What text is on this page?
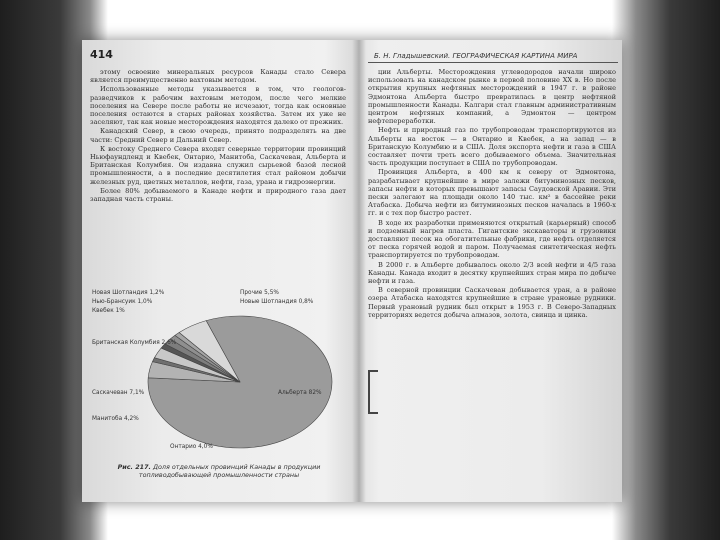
414	Б. Н. Гладышевский. ГЕОГРАФИЧЕСКАЯ КАРТИНА МИРА

этому освоение минеральных ресурсов Канады стало Севера является преимущественно вахтовым методом.

Использованные методы указывается в том, что геологов-разведчиков к рабочим вахтовым методом, после чего мелкие поселения на Севере после работы не исчезают, тогда как основные поселения остаются в старых районах хозяйства. Затем их уже не заселяют, так как новые месторождения находятся далеко от прежних.

Канадский Север, в свою очередь, принято подразделять на две части: Средний Север и Дальний Север.

К востоку Среднего Севера входят северные территории провинций Ньюфаундленд и Квебек, Онтарио, Манитоба, Саскачеван, Альберта и Британская Колумбия. Он издавна служил сырьевой базой лесной промышленности, а в последние десятилетия стал районом добычи железных руд, цветных металлов, нефти, газа, урана и гидроэнергии.

Более 80% добываемого в Канаде нефти и природного газа дает западная часть страны.

Новая Шотландия 1,2%
Нью-Брансуик 1,0%
Прочие 5,5%
Новые Шотландия 0,8%
Квебек 1%
Британская Колумбия 2,6%
Саскачеван 7,1%
Манитоба 4,2%
Онтарио 4,0%
Альберта 82%
Рис. 217. Доля отдельных провинций Канады в продукции топливодобывающей промышленности страны

ции Альберты. Месторождения углеводородов начали широко использовать на канадском рынке в первой половине XX в. Но после открытия крупных нефтяных месторождений в 1947 г. в районе Эдмонтона Альберта быстро превратилась в центр нефтяной промышленности Канады. Калгари стал главным административным центром нефтяных компаний, а Эдмонтон — центром нефтепереработки.

Нефть и природный газ по трубопроводам транспортируются из Альберты на восток — в Онтарио и Квебек, а на запад — в Британскую Колумбию и в США. Доля экспорта нефти и газа в США составляет почти треть всего добываемого объема. Значительная часть продукции поступает в США по трубопроводам.

Провинция Альберта, в 400 км к северу от Эдмонтона, разрабатывает крупнейшие в мире залежи битуминозных песков, запасы нефти в которых превышают запасы Саудовской Аравии. Эти пески залегают на площади около 140 тыс. км² в бассейне реки Атабаска. Добыча нефти из битуминозных песков началась в 1960-х гг. и с тех пор быстро растет.

В ходе их разработки применяются открытый (карьерный) способ и подземный нагрев пласта. Гигантские экскаваторы и грузовики доставляют песок на обогатительные фабрики, где нефть отделяется от песка горячей водой и паром. Получаемая синтетическая нефть транспортируется по трубопроводам.

В 2000 г. в Альберте добывалось около 2/3 всей нефти и 4/5 газа Канады. Канада входит в десятку крупнейших стран мира по добыче нефти и газа.

В северной провинции Саскачеван добывается уран, а в районе озера Атабаска находятся крупнейшие в стране урановые рудники. Первый урановый рудник был открыт в 1953 г. В Северо-Западных территориях ведется добыча алмазов, золота, свинца и цинка.
